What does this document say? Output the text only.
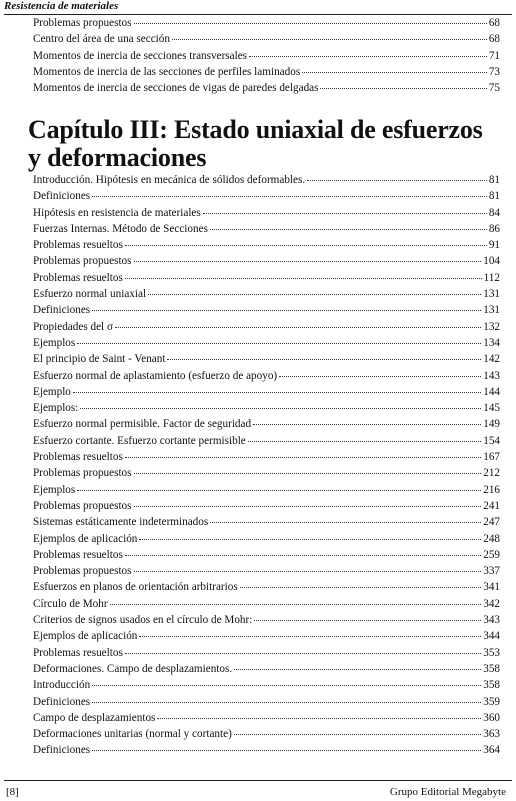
Resistencia de materiales
Problemas propuestos	68
Centro del área de una sección	68
Momentos de inercia de secciones transversales	71
Momentos de inercia de las secciones de perfiles laminados	73
Momentos de inercia de secciones de vigas de paredes delgadas	75
Capítulo III: Estado uniaxial de esfuerzos
y deformaciones
Introducción. Hipótesis en mecánica de sólidos deformables.	81
Definiciones	81
Hipótesis en resistencia de materiales	84
Fuerzas Internas. Método de Secciones	86
Problemas resueltos	91
Problemas propuestos	104
Problemas resueltos	112
Esfuerzo normal uniaxial	131
Definiciones	131
Propiedades del σ	132
Ejemplos	134
El principio de Saint - Venant	142
Esfuerzo normal de aplastamiento (esfuerzo de apoyo)	143
Ejemplo	144
Ejemplos:	145
Esfuerzo normal permisible. Factor de seguridad	149
Esfuerzo cortante. Esfuerzo cortante permisible	154
Problemas resueltos	167
Problemas propuestos	212
Ejemplos	216
Problemas propuestos	241
Sistemas estáticamente indeterminados	247
Ejemplos de aplicación	248
Problemas resueltos	259
Problemas propuestos	337
Esfuerzos en planos de orientación arbitrarios	341
Círculo de Mohr	342
Criterios de signos usados en el círculo de Mohr:	343
Ejemplos de aplicación	344
Problemas resueltos	353
Deformaciones. Campo de desplazamientos.	358
Introducción	358
Definiciones	359
Campo de desplazamientos	360
Deformaciones unitarias (normal y cortante)	363
Definiciones	364
[8]	Grupo Editorial Megabyte
